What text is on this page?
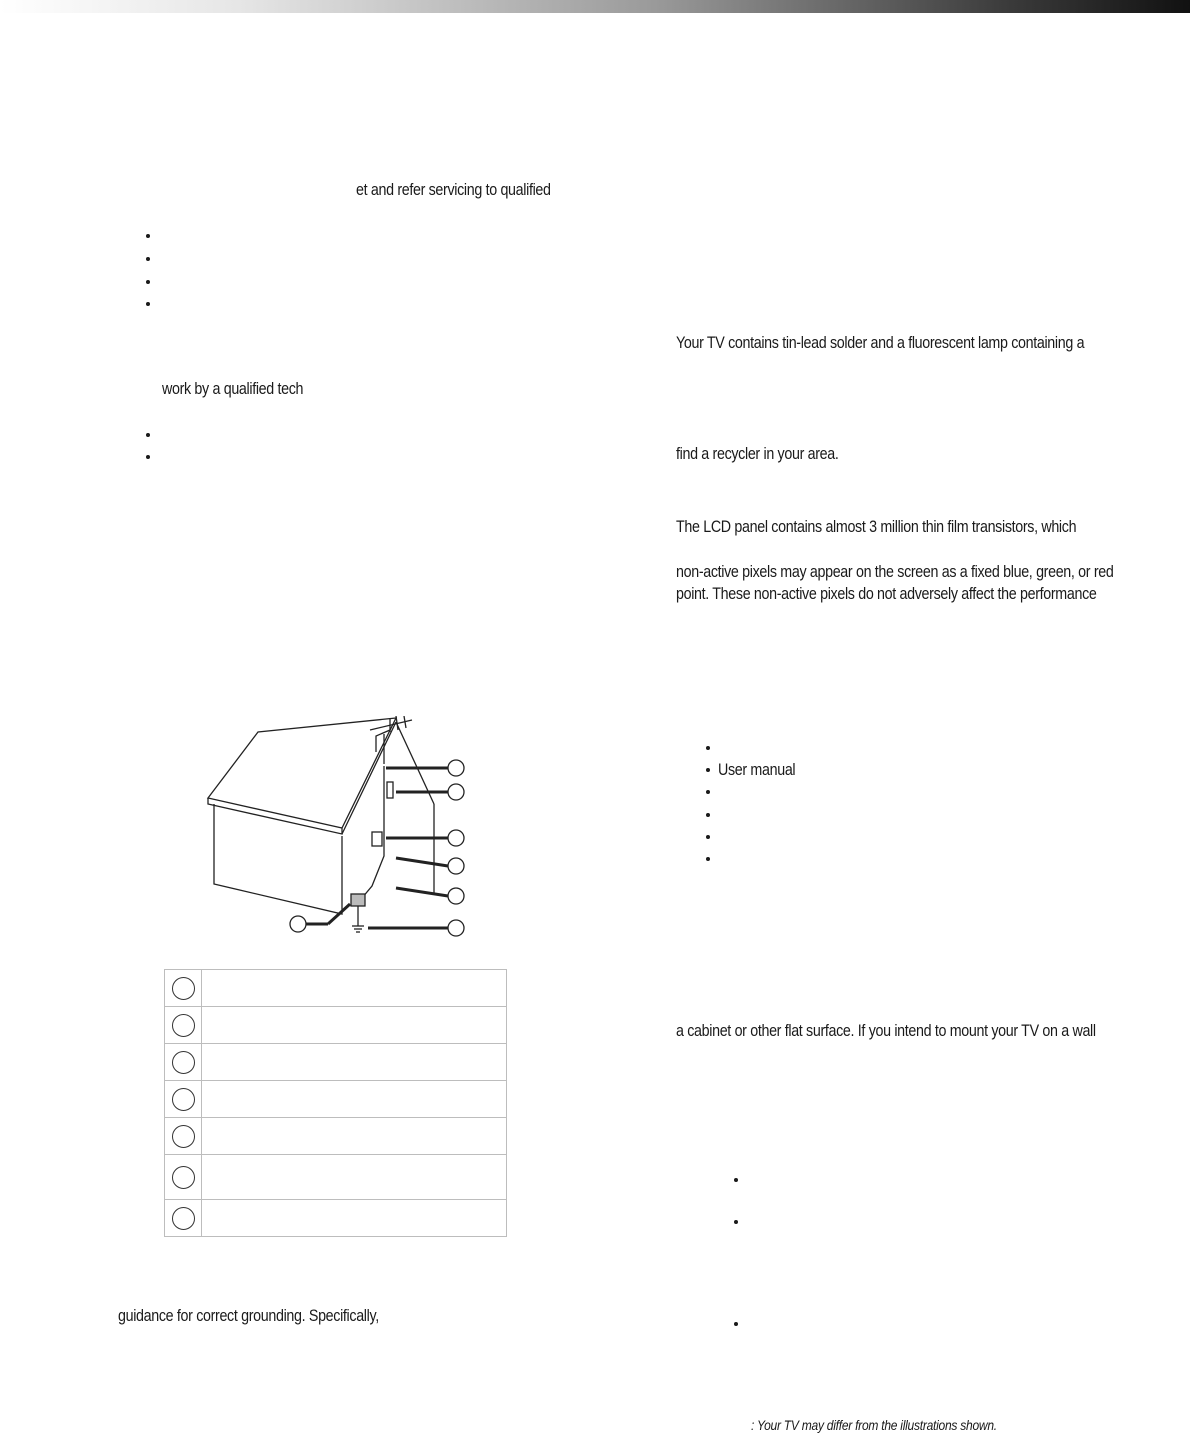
et and refer servicing to qualified
work by a qualified tech

guidance for correct grounding. Specifically,
Your TV contains tin-lead solder and a fluorescent lamp containing a
find a recycler in your area.
The LCD panel contains almost 3 million thin film transistors, which
non-active pixels may appear on the screen as a fixed blue, green, or red
point. These non-active pixels do not adversely affect the performance
User manual
a cabinet or other flat surface. If you intend to mount your TV on a wall
: Your TV may differ from the illustrations shown.
